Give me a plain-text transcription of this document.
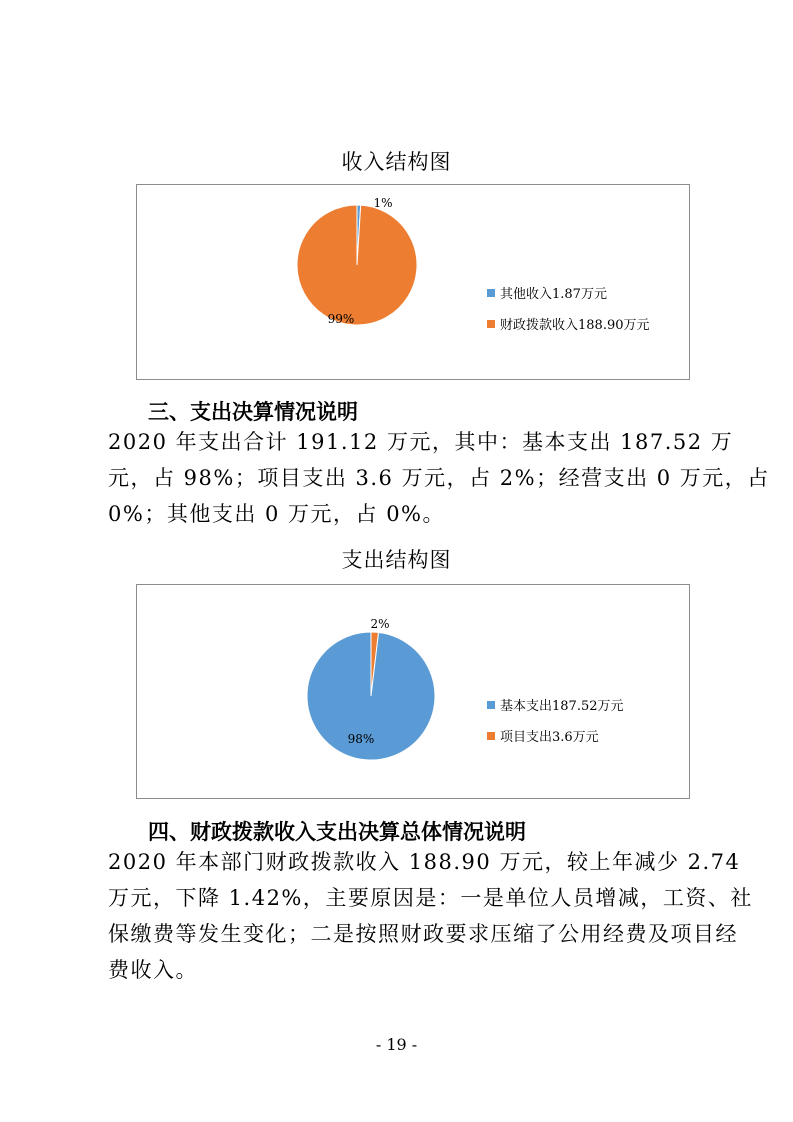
收入结构图
1%
99%
其他收入1.87万元
财政拨款收入188.90万元
三、支出决算情况说明
2020 年支出合计 191.12 万元，其中：基本支出 187.52 万
元，占 98%；项目支出 3.6 万元，占 2%；经营支出 0 万元，占
0%；其他支出 0 万元，占 0%。
支出结构图
2%
98%
基本支出187.52万元
项目支出3.6万元
四、财政拨款收入支出决算总体情况说明
2020 年本部门财政拨款收入 188.90 万元，较上年减少 2.74
万元，下降 1.42%，主要原因是：一是单位人员增减，工资、社
保缴费等发生变化；二是按照财政要求压缩了公用经费及项目经
费收入。
- 19 -
